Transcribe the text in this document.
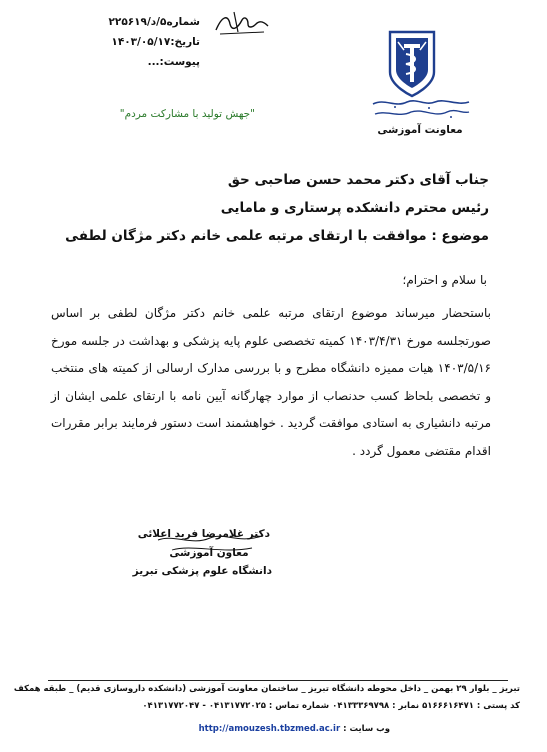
شماره۵/د/۲۲۵۶۱۹
تاریخ:۱۴۰۳/۰۵/۱۷
پیوست:...
"جهش تولید با مشارکت مردم"
معاونت آموزشی
جناب آقای دکتر محمد حسن صاحبی حق
رئیس محترم دانشکده پرستاری و مامایی
موضوع : موافقت با ارتقای مرتبه علمی خانم دکتر مژگان لطفی
با سلام و احترام؛
باستحضار میرساند موضوع ارتقای مرتبه علمی خانم دکتر مژگان لطفی بر اساس صورتجلسه مورخ ۱۴۰۳/۴/۳۱ کمیته تخصصی علوم پایه پزشکی و بهداشت در جلسه مورخ ۱۴۰۳/۵/۱۶ هیات ممیزه دانشگاه مطرح و با بررسی مدارک ارسالی از کمیته های منتخب و تخصصی بلحاظ کسب حدنصاب از موارد چهارگانه آیین نامه با ارتقای علمی ایشان از مرتبه دانشیاری به استادی موافقت گردید . خواهشمند است دستور فرمایند برابر مقررات اقدام مقتضی معمول گردد .
دکتر غلامرضا فرید اعلائی
معاون آموزشی
دانشگاه علوم پزشکی تبریز
تبریز _ بلوار ۲۹ بهمن _ داخل محوطه دانشگاه تبریز _ ساختمان معاونت آموزشی (دانشکده داروسازی قدیم) _ طبقه همکف
کد پستی : ۵۱۶۶۶۱۶۴۷۱ نمابر : ۰۴۱۳۳۳۶۹۷۹۸ شماره تماس : ۰۴۱۳۱۷۷۲۰۲۵ - ۰۴۱۳۱۷۷۲۰۴۷
وب سایت : http://amouzesh.tbzmed.ac.ir
